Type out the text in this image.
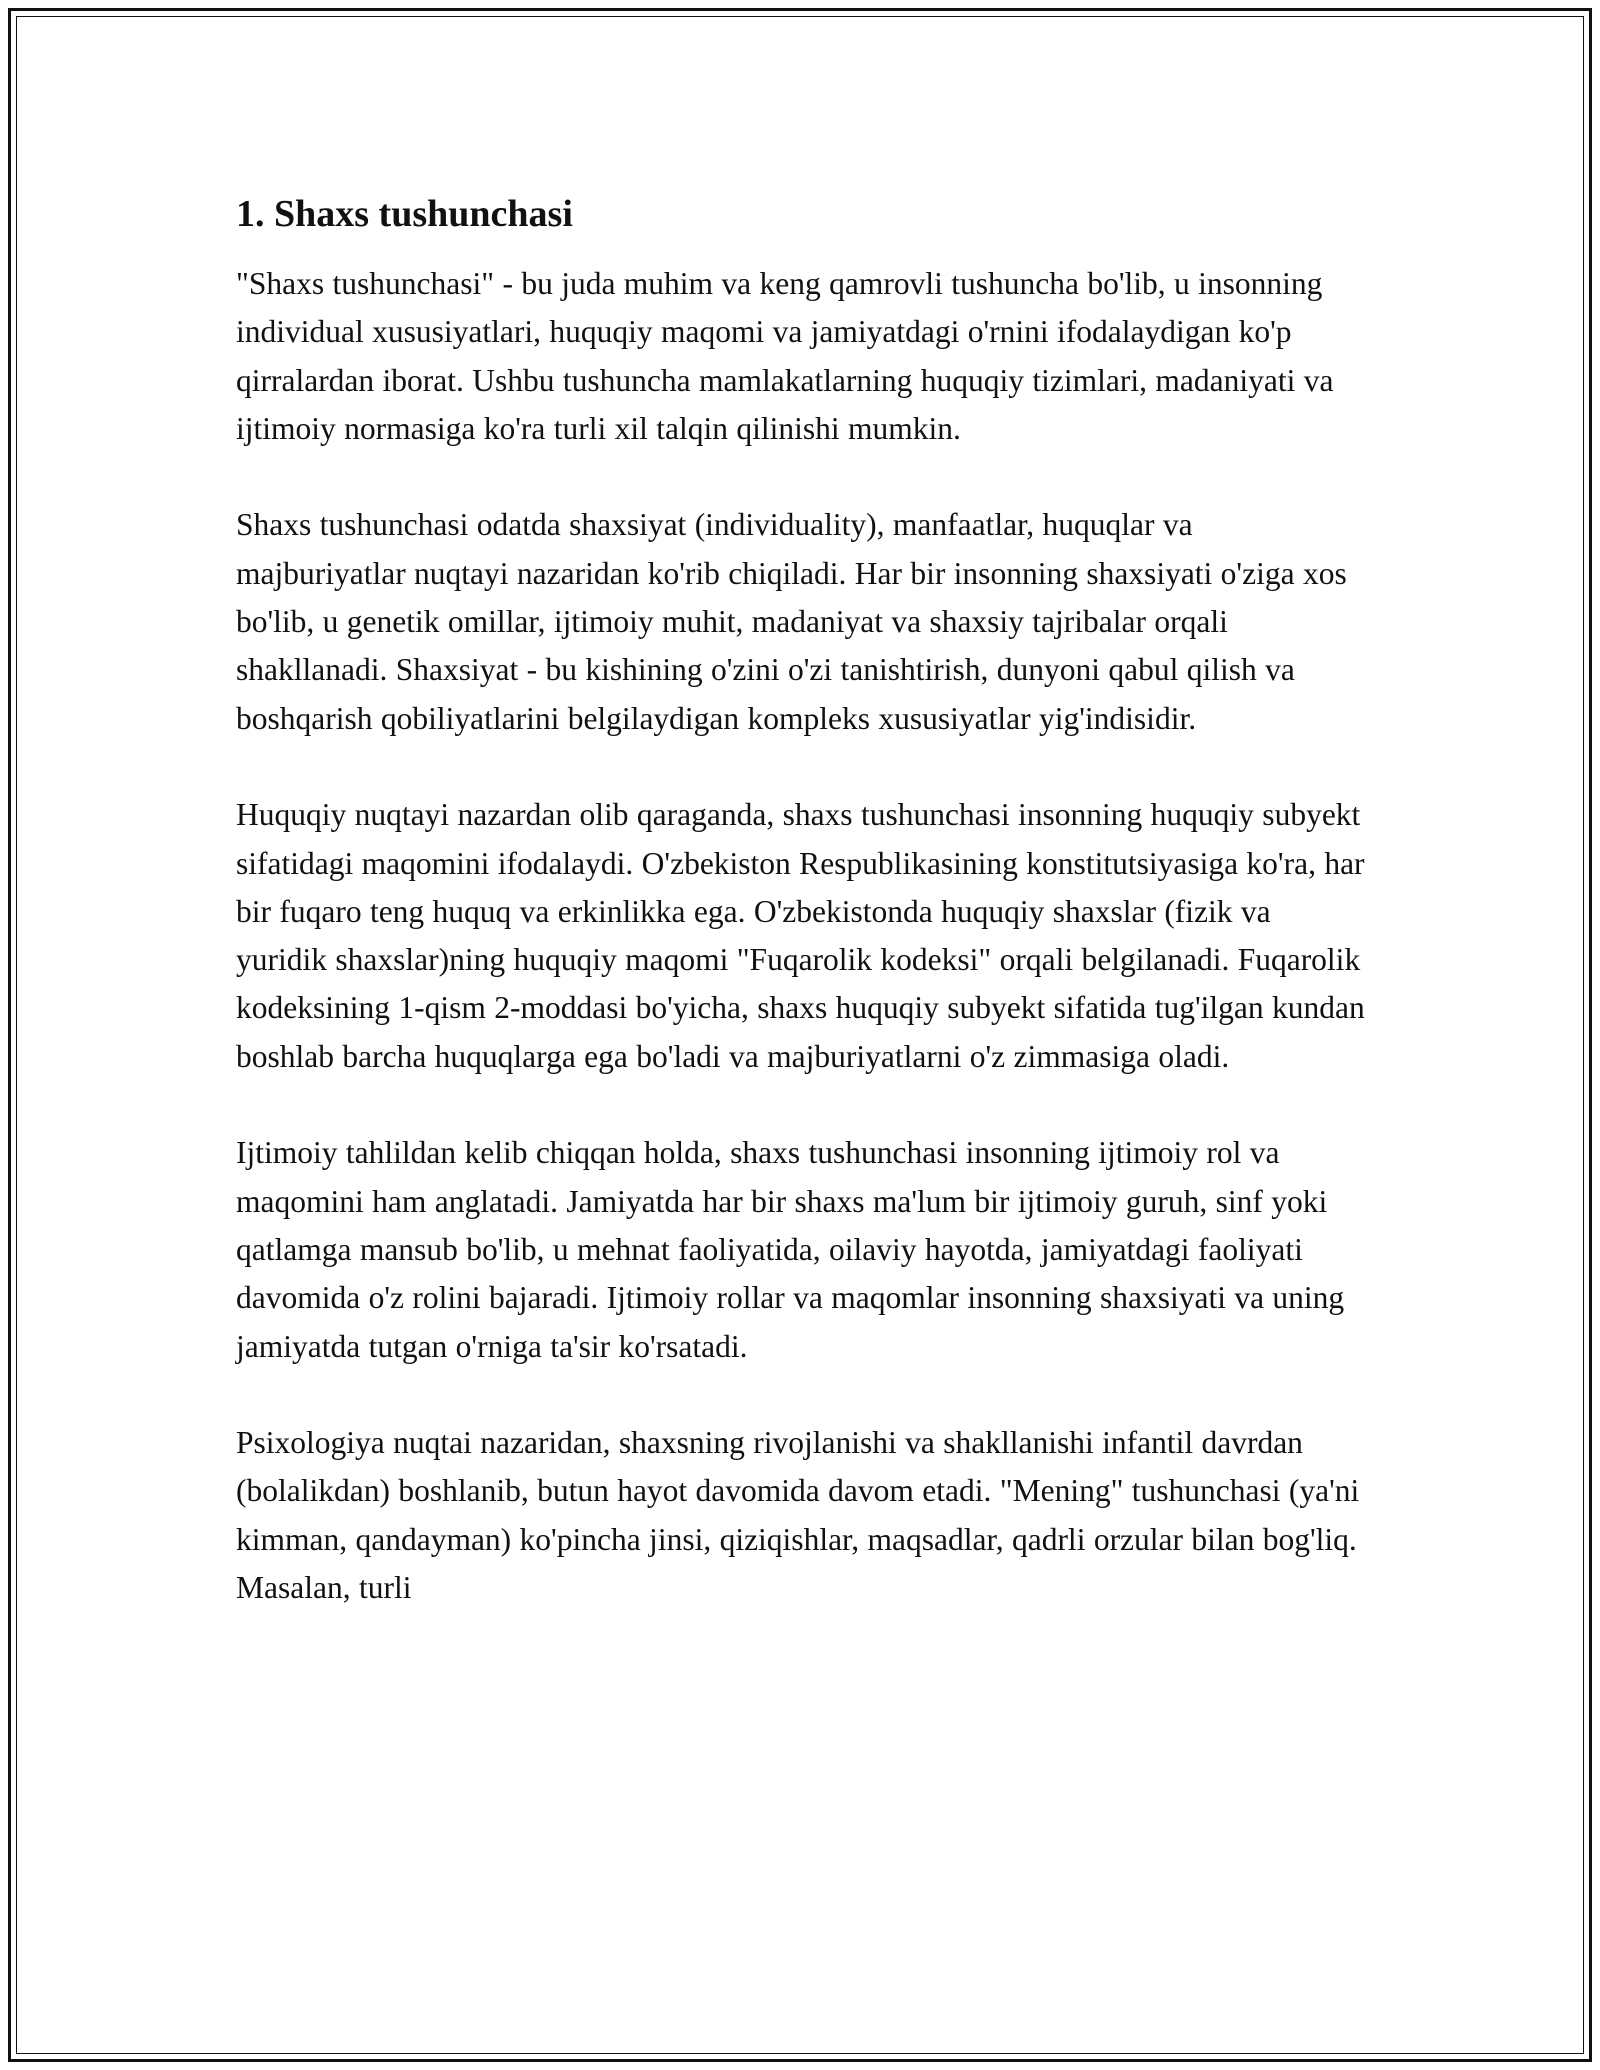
1. Shaxs tushunchasi

"Shaxs tushunchasi" - bu juda muhim va keng qamrovli tushuncha bo'lib, u insonning individual xususiyatlari, huquqiy maqomi va jamiyatdagi o'rnini ifodalaydigan ko'p qirralardan iborat. Ushbu tushuncha mamlakatlarning huquqiy tizimlari, madaniyati va ijtimoiy normasiga ko'ra turli xil talqin qilinishi mumkin.

Shaxs tushunchasi odatda shaxsiyat (individuality), manfaatlar, huquqlar va majburiyatlar nuqtayi nazaridan ko'rib chiqiladi. Har bir insonning shaxsiyati o'ziga xos bo'lib, u genetik omillar, ijtimoiy muhit, madaniyat va shaxsiy tajribalar orqali shakllanadi. Shaxsiyat - bu kishining o'zini o'zi tanishtirish, dunyoni qabul qilish va boshqarish qobiliyatlarini belgilaydigan kompleks xususiyatlar yig'indisidir.

Huquqiy nuqtayi nazardan olib qaraganda, shaxs tushunchasi insonning huquqiy subyekt sifatidagi maqomini ifodalaydi. O'zbekiston Respublikasining konstitutsiyasiga ko'ra, har bir fuqaro teng huquq va erkinlikka ega. O'zbekistonda huquqiy shaxslar (fizik va yuridik shaxslar)ning huquqiy maqomi "Fuqarolik kodeksi" orqali belgilanadi. Fuqarolik kodeksining 1-qism 2-moddasi bo'yicha, shaxs huquqiy subyekt sifatida tug'ilgan kundan boshlab barcha huquqlarga ega bo'ladi va majburiyatlarni o'z zimmasiga oladi.

Ijtimoiy tahlildan kelib chiqqan holda, shaxs tushunchasi insonning ijtimoiy rol va maqomini ham anglatadi. Jamiyatda har bir shaxs ma'lum bir ijtimoiy guruh, sinf yoki qatlamga mansub bo'lib, u mehnat faoliyatida, oilaviy hayotda, jamiyatdagi faoliyati davomida o'z rolini bajaradi. Ijtimoiy rollar va maqomlar insonning shaxsiyati va uning jamiyatda tutgan o'rniga ta'sir ko'rsatadi.

Psixologiya nuqtai nazaridan, shaxsning rivojlanishi va shakllanishi infantil davrdan (bolalikdan) boshlanib, butun hayot davomida davom etadi. "Mening" tushunchasi (ya'ni kimman, qandayman) ko'pincha jinsi, qiziqishlar, maqsadlar, qadrli orzular bilan bog'liq. Masalan, turli
